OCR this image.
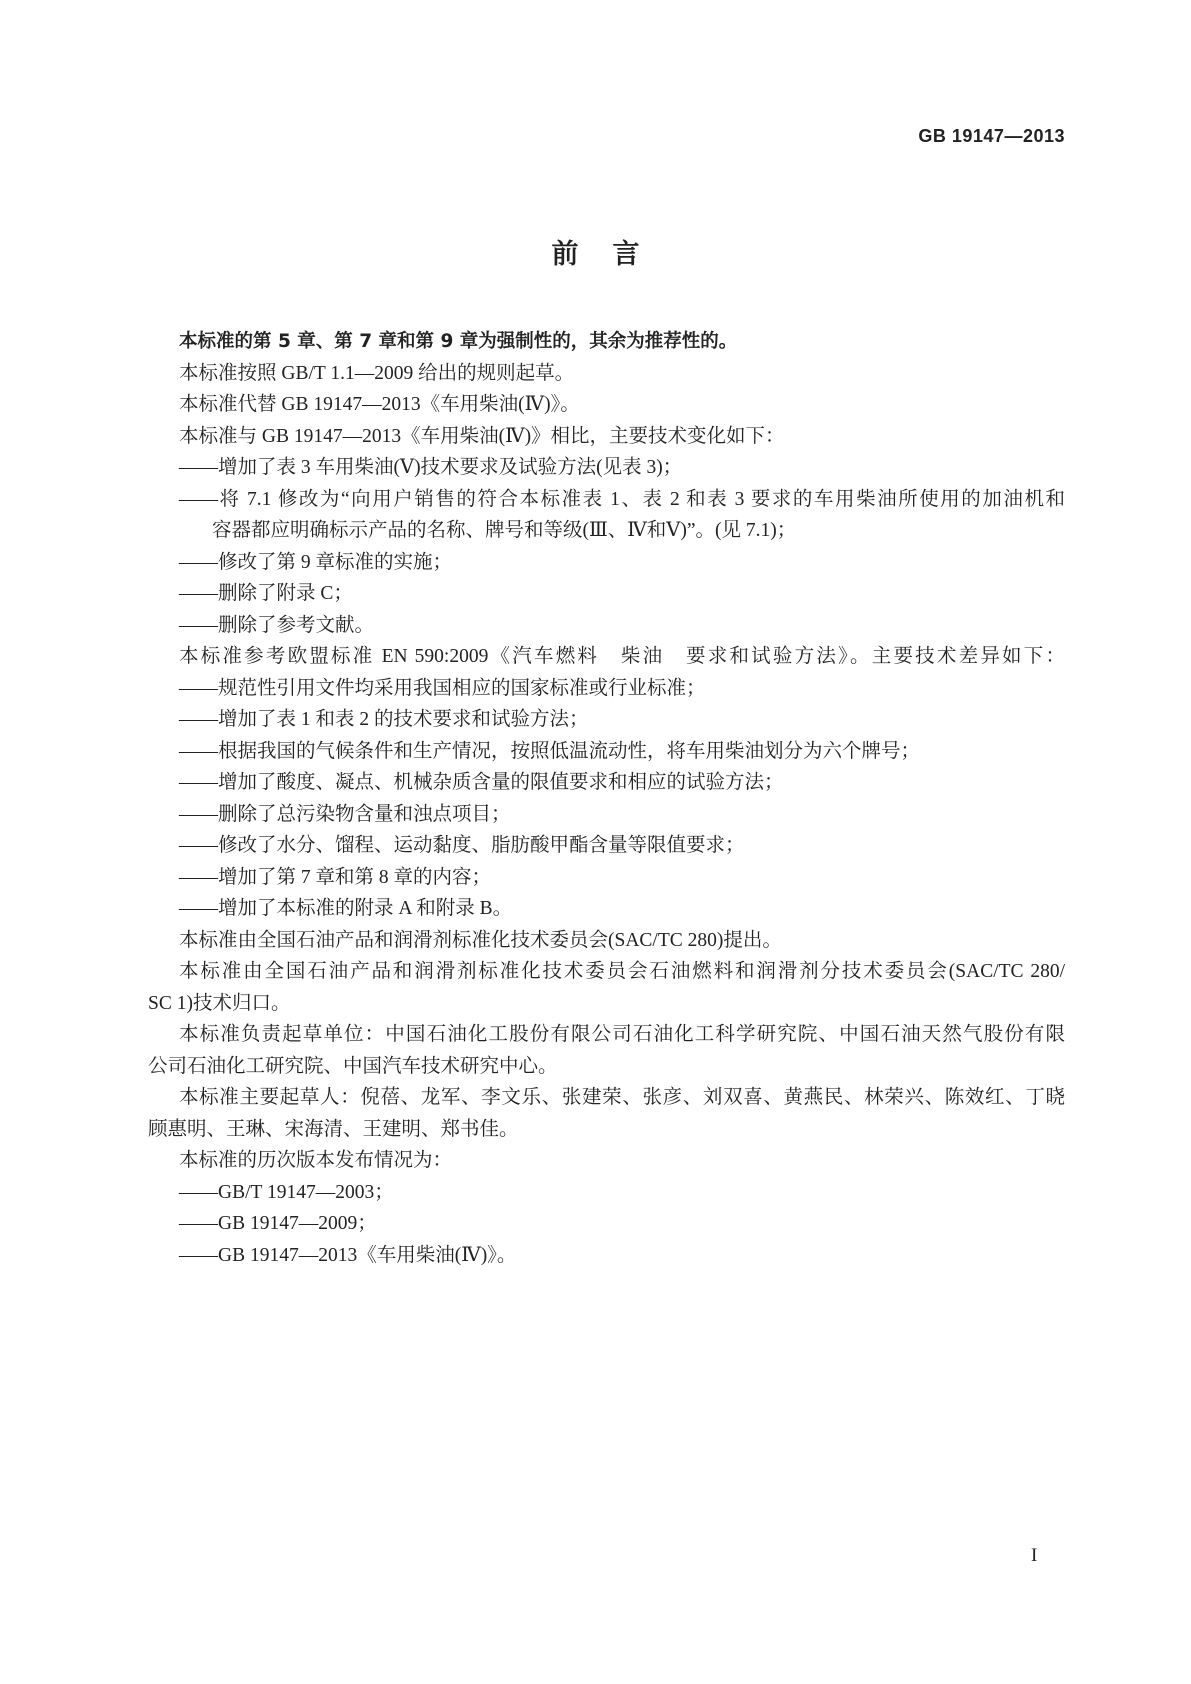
GB 19147—2013
前言
本标准的第 5 章、第 7 章和第 9 章为强制性的，其余为推荐性的。
本标准按照 GB/T 1.1—2009 给出的规则起草。
本标准代替 GB 19147—2013《车用柴油(Ⅳ)》。
本标准与 GB 19147—2013《车用柴油(Ⅳ)》相比，主要技术变化如下：
——增加了表 3 车用柴油(Ⅴ)技术要求及试验方法(见表 3)；
——将 7.1 修改为“向用户销售的符合本标准表 1、表 2 和表 3 要求的车用柴油所使用的加油机和
容器都应明确标示产品的名称、牌号和等级(Ⅲ、Ⅳ和Ⅴ)”。(见 7.1)；
——修改了第 9 章标准的实施；
——删除了附录 C；
——删除了参考文献。
本标准参考欧盟标准 EN 590:2009《汽车燃料　柴油　要求和试验方法》。主要技术差异如下：
——规范性引用文件均采用我国相应的国家标准或行业标准；
——增加了表 1 和表 2 的技术要求和试验方法；
——根据我国的气候条件和生产情况，按照低温流动性，将车用柴油划分为六个牌号；
——增加了酸度、凝点、机械杂质含量的限值要求和相应的试验方法；
——删除了总污染物含量和浊点项目；
——修改了水分、馏程、运动黏度、脂肪酸甲酯含量等限值要求；
——增加了第 7 章和第 8 章的内容；
——增加了本标准的附录 A 和附录 B。
本标准由全国石油产品和润滑剂标准化技术委员会(SAC/TC 280)提出。
本标准由全国石油产品和润滑剂标准化技术委员会石油燃料和润滑剂分技术委员会(SAC/TC 280/
SC 1)技术归口。
本标准负责起草单位：中国石油化工股份有限公司石油化工科学研究院、中国石油天然气股份有限
公司石油化工研究院、中国汽车技术研究中心。
本标准主要起草人：倪蓓、龙军、李文乐、张建荣、张彦、刘双喜、黄燕民、林荣兴、陈效红、丁晓
顾惠明、王琳、宋海清、王建明、郑书佳。
本标准的历次版本发布情况为：
——GB/T 19147—2003；
——GB 19147—2009；
——GB 19147—2013《车用柴油(Ⅳ)》。
I
